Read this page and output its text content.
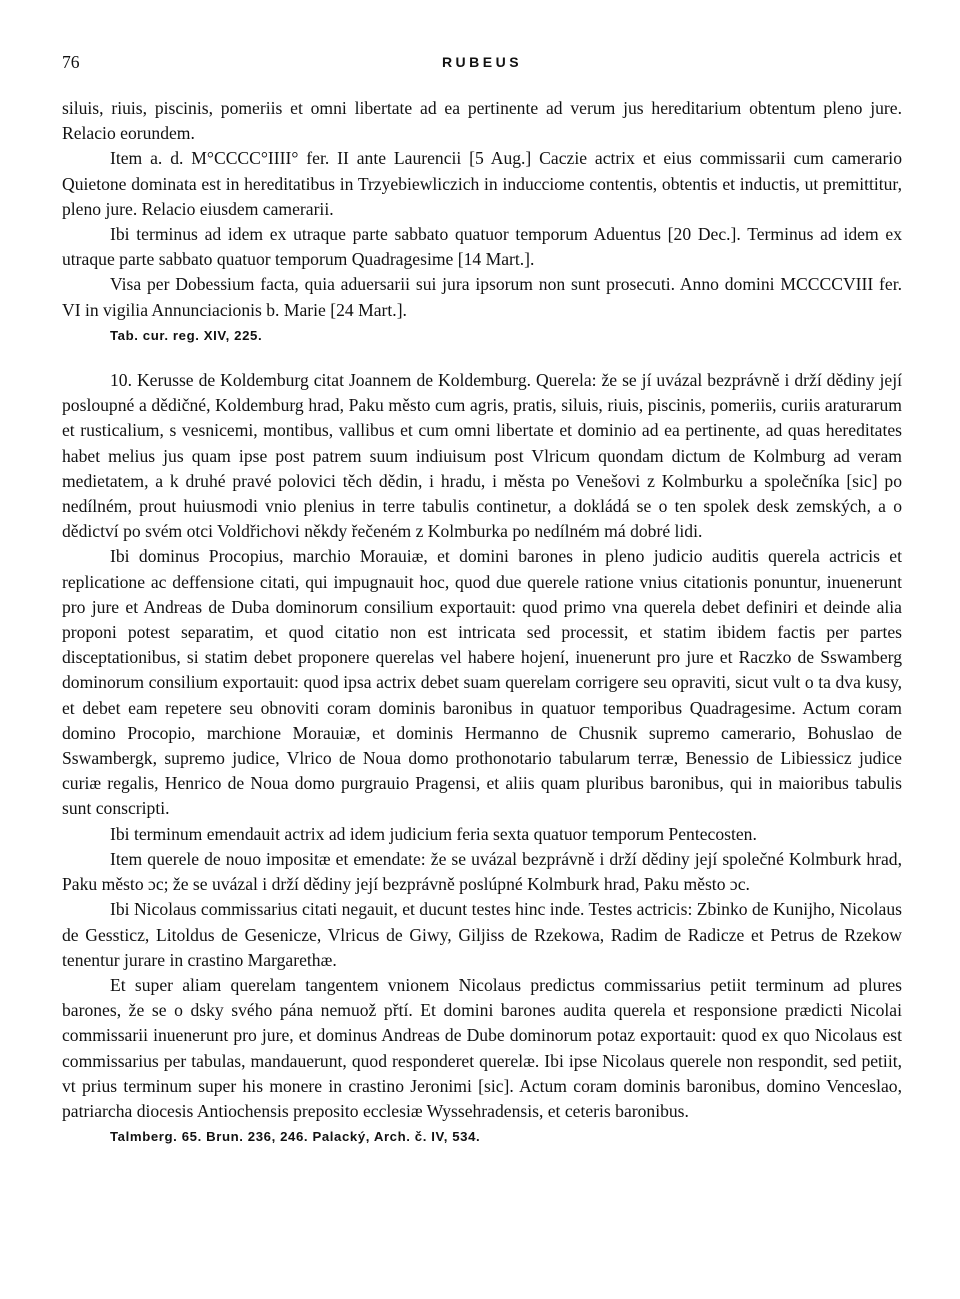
76	RUBEUS

siluis, riuis, piscinis, pomeriis et omni libertate ad ea pertinente ad verum jus hereditarium obtentum pleno jure. Relacio eorundem.

Item a. d. M°CCCC°IIII° fer. II ante Laurencii [5 Aug.] Caczie actrix et eius commissarii cum camerario Quietone dominata est in hereditatibus in Trzyebiewliczich in inducciome contentis, obtentis et inductis, ut premittitur, pleno jure. Relacio eiusdem camerarii.

Ibi terminus ad idem ex utraque parte sabbato quatuor temporum Aduentus [20 Dec.]. Terminus ad idem ex utraque parte sabbato quatuor temporum Quadragesime [14 Mart.].

Visa per Dobessium facta, quia aduersarii sui jura ipsorum non sunt prosecuti. Anno domini MCCCCVIII fer. VI in vigilia Annunciacionis b. Marie [24 Mart.].

Tab. cur. reg. XIV, 225.

10. Kerusse de Koldemburg citat Joannem de Koldemburg. Querela: že se jí uvázal bezprávně i drží dědiny její posloupné a dědičné, Koldemburg hrad, Paku město cum agris, pratis, siluis, riuis, piscinis, pomeriis, curiis araturarum et rusticalium, s vesnicemi, montibus, vallibus et cum omni libertate et dominio ad ea pertinente, ad quas hereditates habet melius jus quam ipse post patrem suum indiuisum post Vlricum quondam dictum de Kolmburg ad veram medietatem, a k druhé pravé polovici těch dědin, i hradu, i města po Venešovi z Kolmburku a společníka [sic] po nedílném, prout huiusmodi vnio plenius in terre tabulis continetur, a dokládá se o ten spolek desk zemských, a o dědictví po svém otci Voldřichovi někdy řečeném z Kolmburka po nedílném má dobré lidi.

Ibi dominus Procopius, marchio Morauiæ, et domini barones in pleno judicio auditis querela actricis et replicatione ac deffensione citati, qui impugnauit hoc, quod due querele ratione vnius citationis ponuntur, inuenerunt pro jure et Andreas de Duba dominorum consilium exportauit: quod primo vna querela debet definiri et deinde alia proponi potest separatim, et quod citatio non est intricata sed processit, et statim ibidem factis per partes disceptationibus, si statim debet proponere querelas vel habere hojení, inuenerunt pro jure et Raczko de Sswamberg dominorum consilium exportauit: quod ipsa actrix debet suam querelam corrigere seu opraviti, sicut vult o ta dva kusy, et debet eam repetere seu obnoviti coram dominis baronibus in quatuor temporibus Quadragesime. Actum coram domino Procopio, marchione Morauiæ, et dominis Hermanno de Chusnik supremo camerario, Bohuslao de Sswambergk, supremo judice, Vlrico de Noua domo prothonotario tabularum terræ, Benessio de Libiessicz judice curiæ regalis, Henrico de Noua domo purgrauio Pragensi, et aliis quam pluribus baronibus, qui in maioribus tabulis sunt conscripti.

Ibi terminum emendauit actrix ad idem judicium feria sexta quatuor temporum Pentecosten.

Item querele de nouo impositæ et emendate: že se uvázal bezprávně i drží dědiny její společné Kolmburk hrad, Paku město ɔc; že se uvázal i drží dědiny její bezprávně poslúpné Kolmburk hrad, Paku město ɔc.

Ibi Nicolaus commissarius citati negauit, et ducunt testes hinc inde. Testes actricis: Zbinko de Kunijho, Nicolaus de Gessticz, Litoldus de Gesenicze, Vlricus de Giwy, Giljiss de Rzekowa, Radim de Radicze et Petrus de Rzekow tenentur jurare in crastino Margarethæ.

Et super aliam querelam tangentem vnionem Nicolaus predictus commissarius petiit terminum ad plures barones, že se o dsky svého pána nemuož přtí. Et domini barones audita querela et responsione prædicti Nicolai commissarii inuenerunt pro jure, et dominus Andreas de Dube dominorum potaz exportauit: quod ex quo Nicolaus est commissarius per tabulas, mandauerunt, quod responderet querelæ. Ibi ipse Nicolaus querele non respondit, sed petiit, vt prius terminum super his monere in crastino Jeronimi [sic]. Actum coram dominis baronibus, domino Venceslao, patriarcha diocesis Antiochensis preposito ecclesiæ Wyssehradensis, et ceteris baronibus.

Talmberg. 65. Brun. 236, 246. Palacký, Arch. č. IV, 534.
